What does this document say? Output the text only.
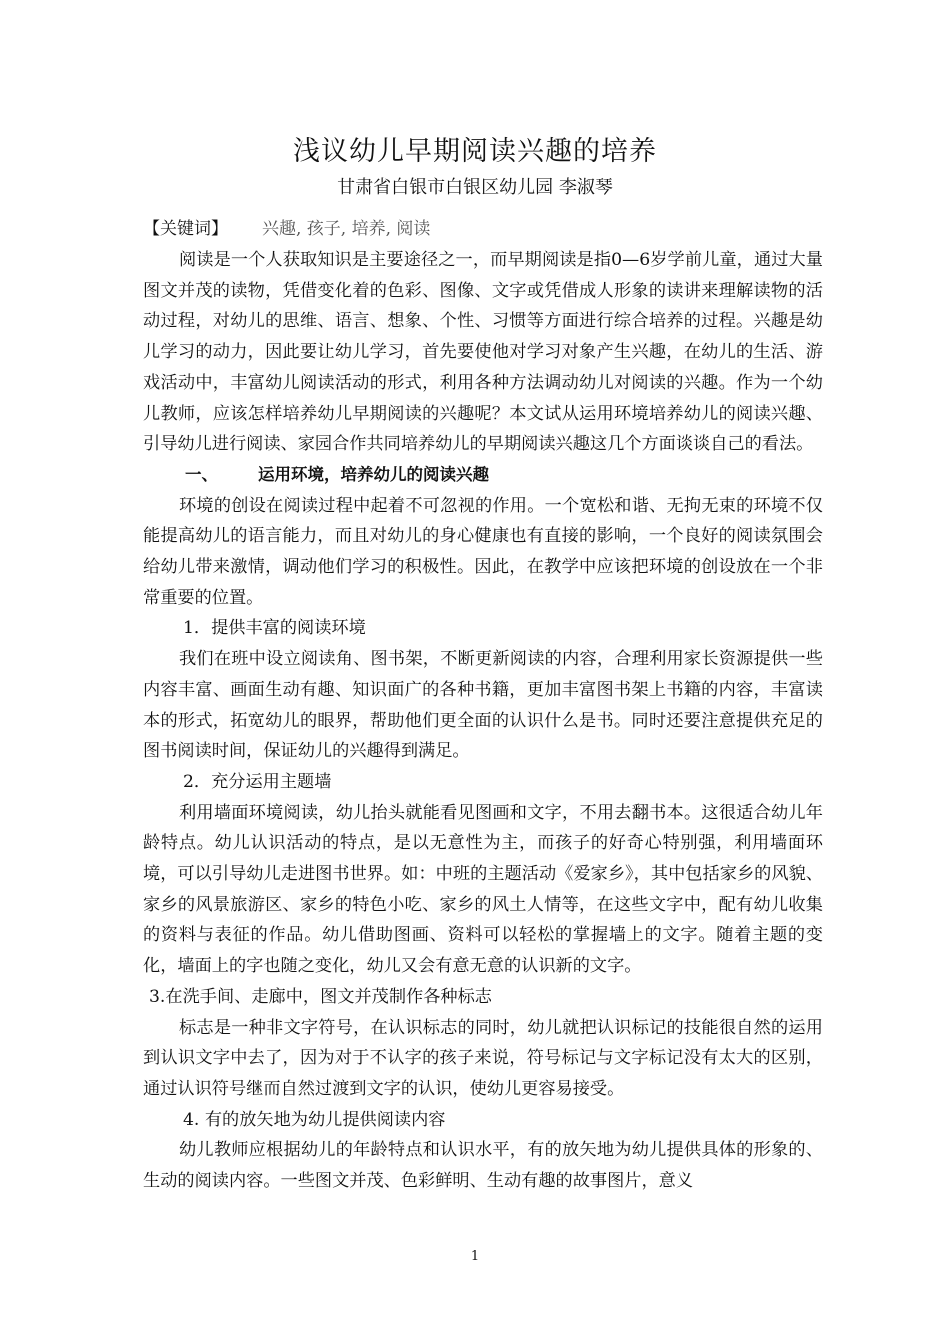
浅议幼儿早期阅读兴趣的培养
甘肃省白银市白银区幼儿园 李淑琴
【关键词】 兴趣, 孩子, 培养, 阅读

阅读是一个人获取知识是主要途径之一，而早期阅读是指0—6岁学前儿童，通过大量图文并茂的读物，凭借变化着的色彩、图像、文字或凭借成人形象的读讲来理解读物的活动过程，对幼儿的思维、语言、想象、个性、习惯等方面进行综合培养的过程。兴趣是幼儿学习的动力，因此要让幼儿学习，首先要使他对学习对象产生兴趣，在幼儿的生活、游戏活动中，丰富幼儿阅读活动的形式，利用各种方法调动幼儿对阅读的兴趣。作为一个幼儿教师，应该怎样培养幼儿早期阅读的兴趣呢？本文试从运用环境培养幼儿的阅读兴趣、引导幼儿进行阅读、家园合作共同培养幼儿的早期阅读兴趣这几个方面谈谈自己的看法。

一、 运用环境，培养幼儿的阅读兴趣

环境的创设在阅读过程中起着不可忽视的作用。一个宽松和谐、无拘无束的环境不仅能提高幼儿的语言能力，而且对幼儿的身心健康也有直接的影响，一个良好的阅读氛围会给幼儿带来激情，调动他们学习的积极性。因此，在教学中应该把环境的创设放在一个非常重要的位置。

1．提供丰富的阅读环境

我们在班中设立阅读角、图书架，不断更新阅读的内容，合理利用家长资源提供一些内容丰富、画面生动有趣、知识面广的各种书籍，更加丰富图书架上书籍的内容，丰富读本的形式，拓宽幼儿的眼界，帮助他们更全面的认识什么是书。同时还要注意提供充足的图书阅读时间，保证幼儿的兴趣得到满足。

2．充分运用主题墙

利用墙面环境阅读，幼儿抬头就能看见图画和文字，不用去翻书本。这很适合幼儿年龄特点。幼儿认识活动的特点，是以无意性为主，而孩子的好奇心特别强，利用墙面环境，可以引导幼儿走进图书世界。如：中班的主题活动《爱家乡》，其中包括家乡的风貌、家乡的风景旅游区、家乡的特色小吃、家乡的风土人情等，在这些文字中，配有幼儿收集的资料与表征的作品。幼儿借助图画、资料可以轻松的掌握墙上的文字。随着主题的变化，墙面上的字也随之变化，幼儿又会有意无意的认识新的文字。

3.在洗手间、走廊中，图文并茂制作各种标志

标志是一种非文字符号，在认识标志的同时，幼儿就把认识标记的技能很自然的运用到认识文字中去了，因为对于不认字的孩子来说，符号标记与文字标记没有太大的区别，通过认识符号继而自然过渡到文字的认识，使幼儿更容易接受。

4. 有的放矢地为幼儿提供阅读内容

幼儿教师应根据幼儿的年龄特点和认识水平，有的放矢地为幼儿提供具体的形象的、生动的阅读内容。一些图文并茂、色彩鲜明、生动有趣的故事图片，意义

1
